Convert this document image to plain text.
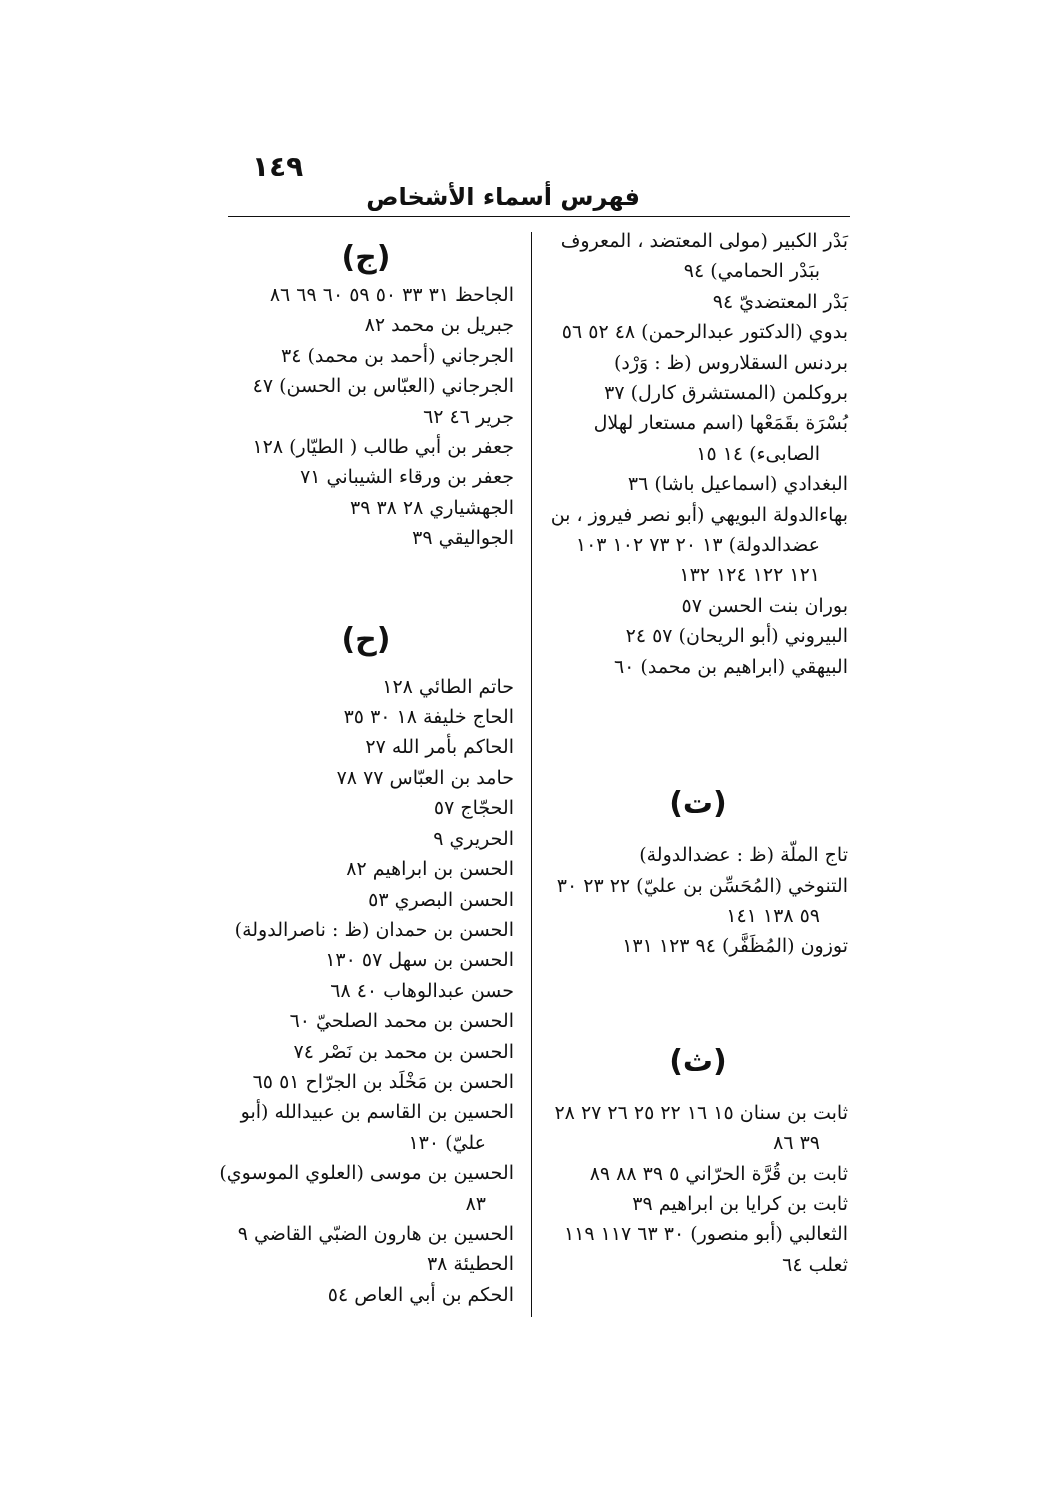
١٤٩
فهرس أسماء الأشخاص
بَدْر الكبير (مولى المعتضد ، المعروف ببَدْر الحمامي) ٩٤
بَدْر المعتضديّ ٩٤
بدوي (الدكتور عبدالرحمن) ٤٨ ٥٢ ٥٦
بردنس السقلاروس (ظ : وَرْد)
بروكلمن (المستشرق كارل) ٣٧
بُسْرَة بقَمَعْها (اسم مستعار لهلال الصابىء) ١٤ ١٥
البغدادي (اسماعيل باشا) ٣٦
بهاءالدولة البويهي (أبو نصر فيروز ، بن عضدالدولة) ١٣ ٢٠ ٧٣ ١٠٢ ١٠٣ ١٢١ ١٢٢ ١٢٤ ١٣٢
بوران بنت الحسن ٥٧
البيروني (أبو الريحان) ٥٧ ٢٤
البيهقي (ابراهيم بن محمد) ٦٠
(ت)
تاج الملّة (ظ : عضدالدولة)
التنوخي (المُحَسِّن بن عليّ) ٢٢ ٢٣ ٣٠ ٥٩ ١٣٨ ١٤١
توزون (المُظَفَّر) ٩٤ ١٢٣ ١٣١
(ث)
ثابت بن سنان ١٥ ١٦ ٢٢ ٢٥ ٢٦ ٢٧ ٢٨ ٣٩ ٨٦
ثابت بن قُرَّة الحرّاني ٥ ٣٩ ٨٨ ٨٩
ثابت بن كرايا بن ابراهيم ٣٩
الثعالبي (أبو منصور) ٣٠ ٦٣ ١١٧ ١١٩
ثعلب ٦٤
(ج)
الجاحظ ٣١ ٣٣ ٥٠ ٥٩ ٦٠ ٦٩ ٨٦
جبريل بن محمد ٨٢
الجرجاني (أحمد بن محمد) ٣٤
الجرجاني (العبّاس بن الحسن) ٤٧
جرير ٤٦ ٦٢
جعفر بن أبي طالب ( الطيّار) ١٢٨
جعفر بن ورقاء الشيباني ٧١
الجهشياري ٢٨ ٣٨ ٣٩
الجواليقي ٣٩
(ح)
حاتم الطائي ١٢٨
الحاج خليفة ١٨ ٣٠ ٣٥
الحاكم بأمر الله ٢٧
حامد بن العبّاس ٧٧ ٧٨
الحجّاج ٥٧
الحريري ٩
الحسن بن ابراهيم ٨٢
الحسن البصري ٥٣
الحسن بن حمدان (ظ : ناصرالدولة)
الحسن بن سهل ٥٧ ١٣٠
حسن عبدالوهاب ٤٠ ٦٨
الحسن بن محمد الصلحيّ ٦٠
الحسن بن محمد بن نَصْر ٧٤
الحسن بن مَخْلَد بن الجرّاح ٥١ ٦٥
الحسين بن القاسم بن عبيدالله (أبو عليّ) ١٣٠
الحسين بن موسى (العلوي الموسوي) ٨٣
الحسين بن هارون الضبّي القاضي ٩
الحطيئة ٣٨
الحكم بن أبي العاص ٥٤
